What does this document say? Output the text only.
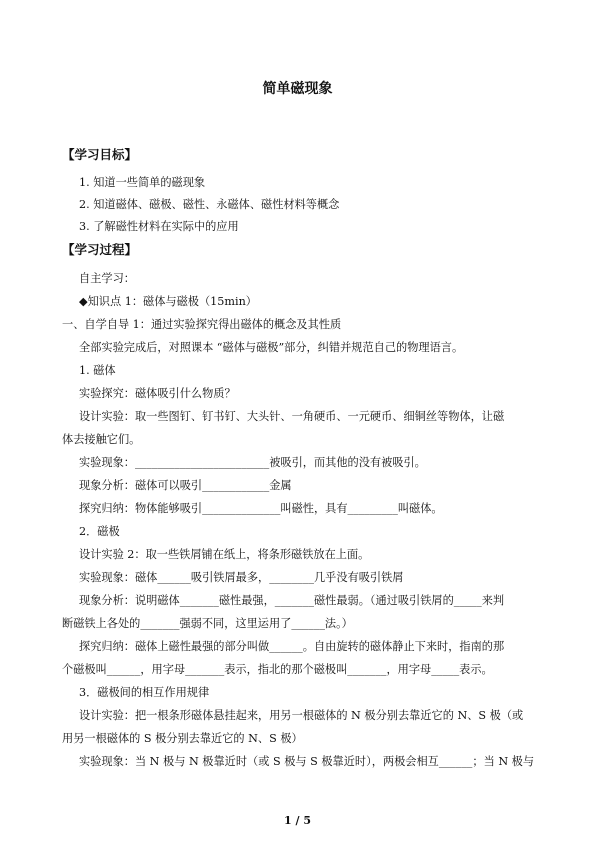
简单磁现象
【学习目标】
1. 知道一些简单的磁现象
2. 知道磁体、磁极、磁性、永磁体、磁性材料等概念
3. 了解磁性材料在实际中的应用
【学习过程】
自主学习：
◆知识点 1：磁体与磁极（15min）
一、自学自导 1：通过实验探究得出磁体的概念及其性质
全部实验完成后，对照课本 “磁体与磁极”部分，纠错并规范自己的物理语言。
1. 磁体
实验探究：磁体吸引什么物质？
设计实验：取一些图钉、钉书钉、大头针、一角硬币、一元硬币、细铜丝等物体，让磁
体去接触它们。
实验现象：________________________被吸引，而其他的没有被吸引。
现象分析：磁体可以吸引____________金属
探究归纳：物体能够吸引______________叫磁性，具有_________叫磁体。
2．磁极
设计实验 2：取一些铁屑铺在纸上，将条形磁铁放在上面。
实验现象：磁体______吸引铁屑最多，________几乎没有吸引铁屑
现象分析：说明磁体_______磁性最强，_______磁性最弱。（通过吸引铁屑的_____来判
断磁铁上各处的_______强弱不同，这里运用了______法。）
探究归纳：磁体上磁性最强的部分叫做______。自由旋转的磁体静止下来时，指南的那
个磁极叫______，用字母_______表示，指北的那个磁极叫_______，用字母_____表示。
3．磁极间的相互作用规律
设计实验：把一根条形磁体悬挂起来，用另一根磁体的 N 极分别去靠近它的 N、S 极（或
用另一根磁体的 S 极分别去靠近它的 N、S 极）
实验现象：当 N 极与 N 极靠近时（或 S 极与 S 极靠近时），两极会相互______；当 N 极与
1 / 5
